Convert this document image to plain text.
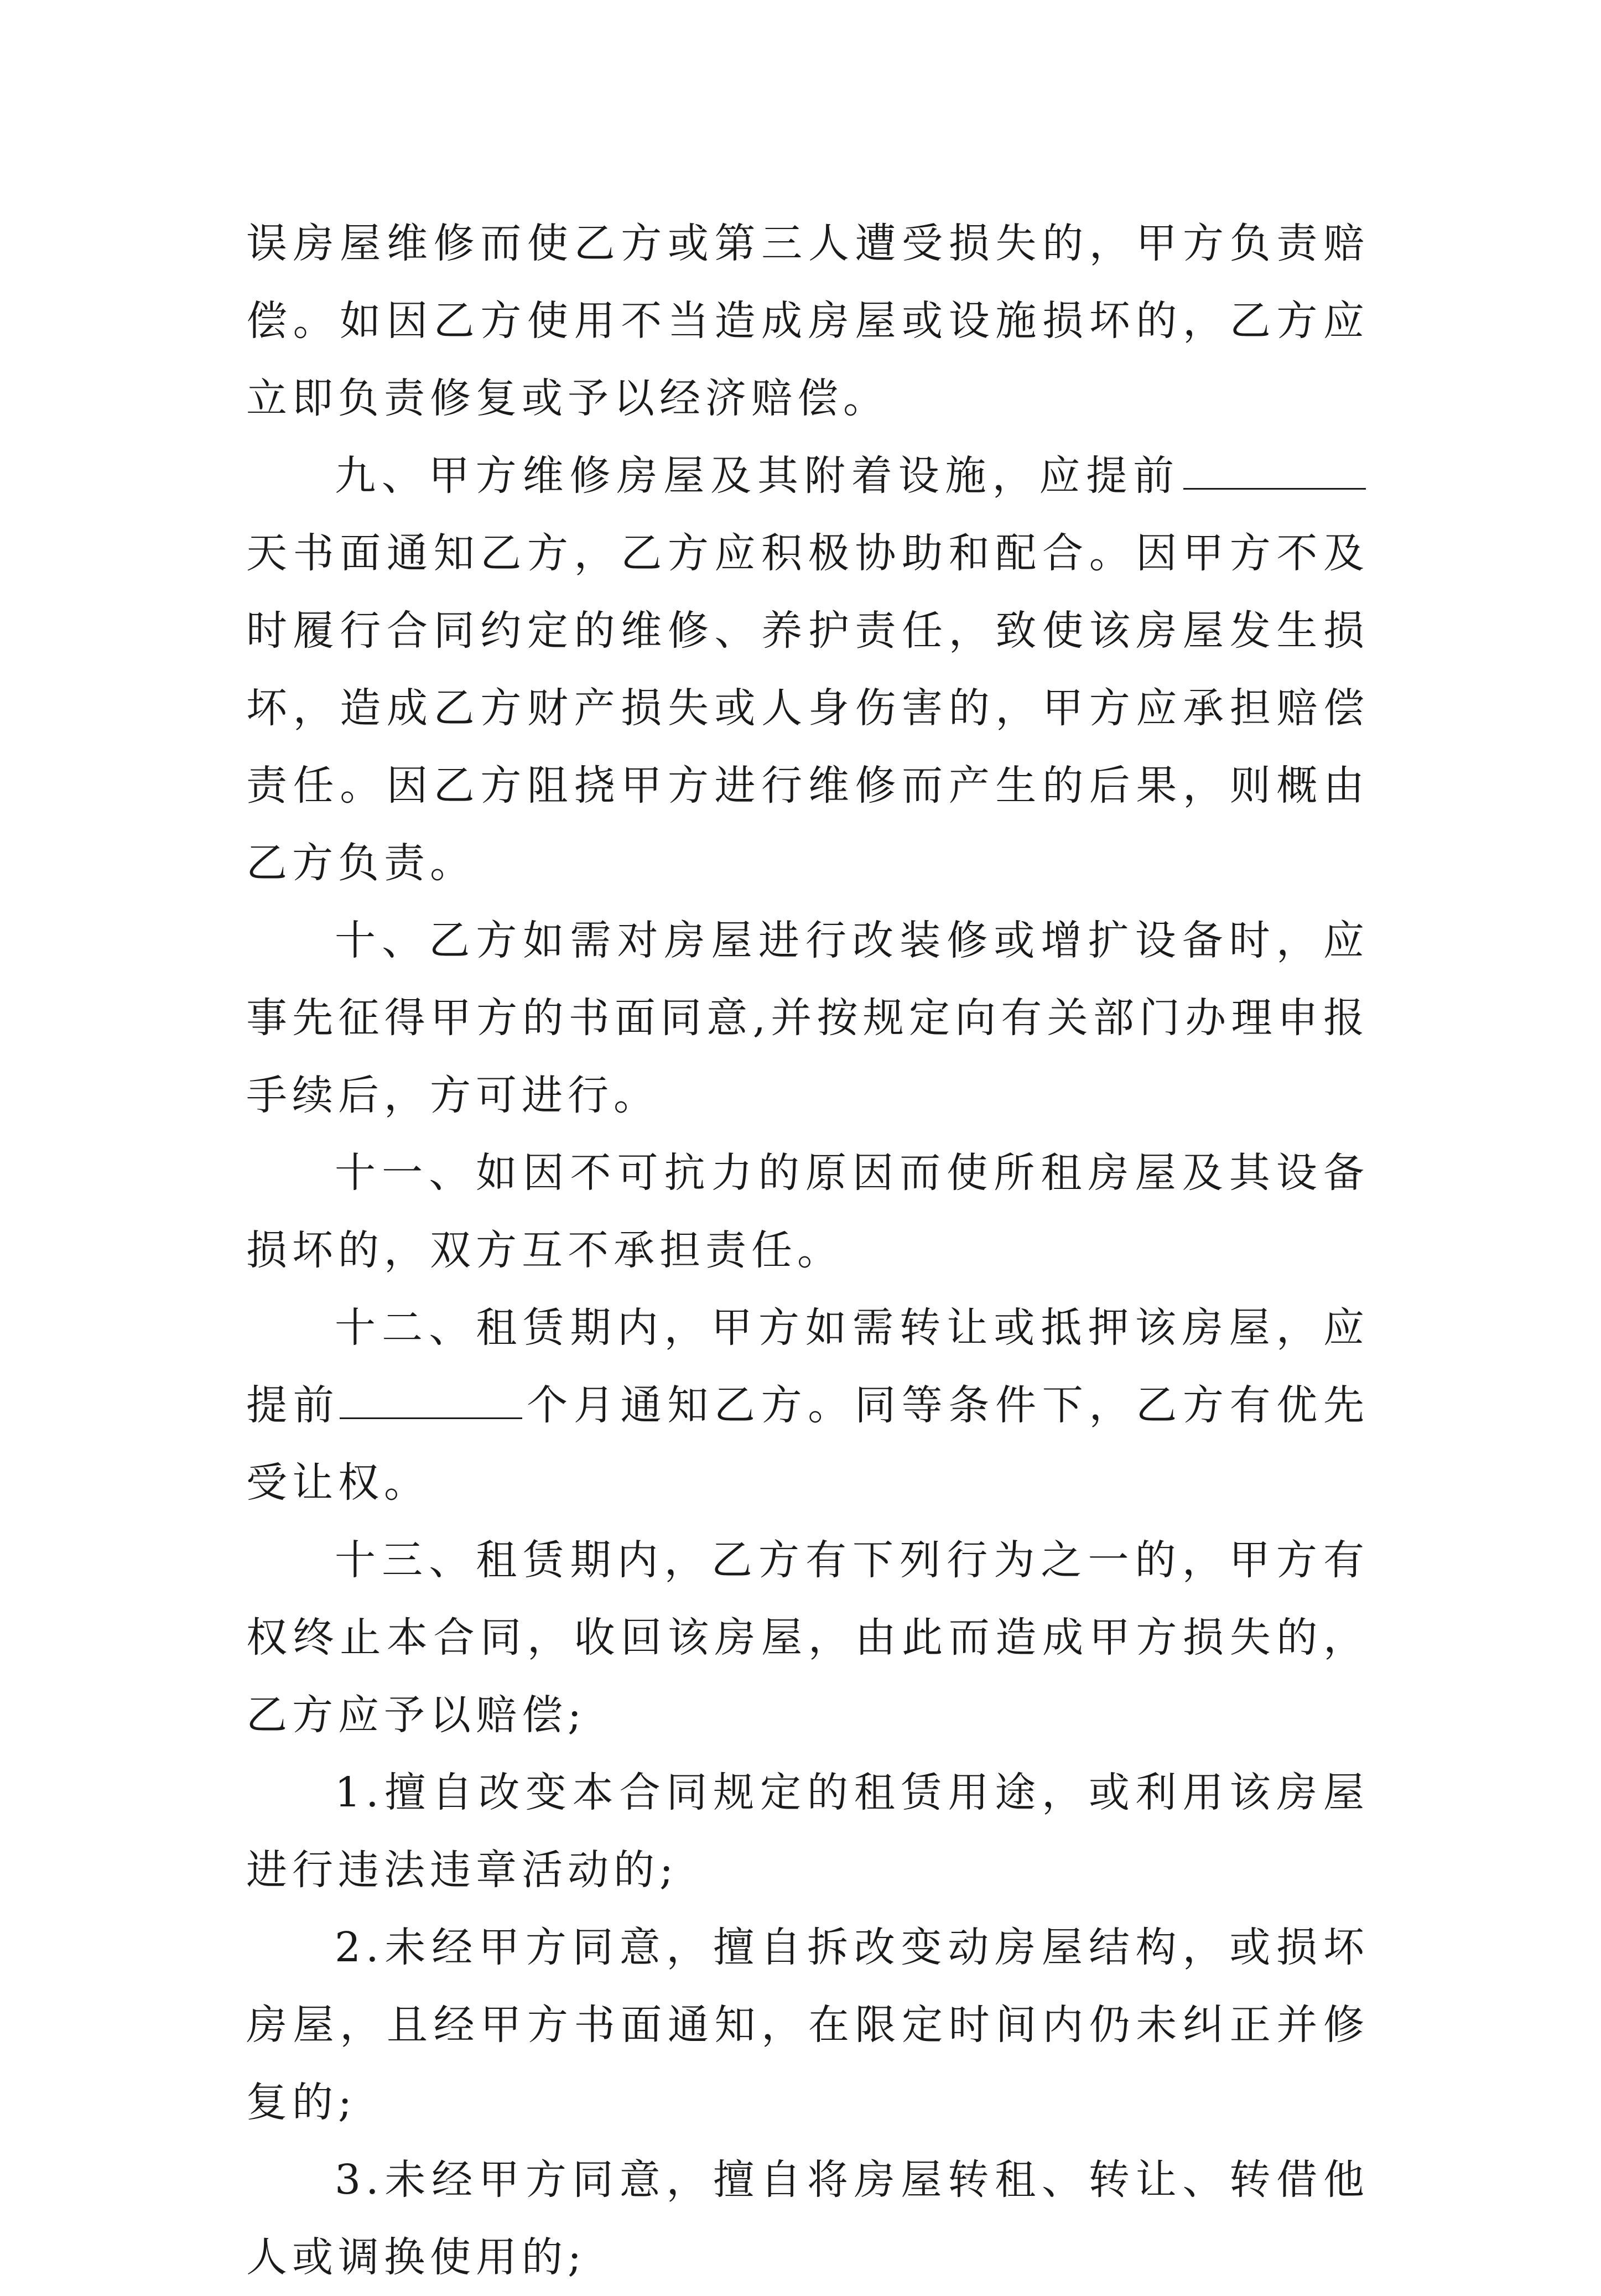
误房屋维修而使乙方或第三人遭受损失的，甲方负责赔偿。如因乙方使用不当造成房屋或设施损坏的，乙方应立即负责修复或予以经济赔偿。

九、甲方维修房屋及其附着设施，应提前天书面通知乙方，乙方应积极协助和配合。因甲方不及时履行合同约定的维修、养护责任，致使该房屋发生损坏，造成乙方财产损失或人身伤害的，甲方应承担赔偿责任。因乙方阻挠甲方进行维修而产生的后果，则概由乙方负责。

十、乙方如需对房屋进行改装修或增扩设备时，应事先征得甲方的书面同意,并按规定向有关部门办理申报手续后，方可进行。

十一、如因不可抗力的原因而使所租房屋及其设备损坏的，双方互不承担责任。

十二、租赁期内，甲方如需转让或抵押该房屋，应提前	个月通知乙方。同等条件下，乙方有优先受让权。

十三、租赁期内，乙方有下列行为之一的，甲方有权终止本合同，收回该房屋，由此而造成甲方损失的，乙方应予以赔偿;

1.擅自改变本合同规定的租赁用途，或利用该房屋进行违法违章活动的;

2.未经甲方同意，擅自拆改变动房屋结构，或损坏房屋，且经甲方书面通知，在限定时间内仍未纠正并修复的;

3.未经甲方同意，擅自将房屋转租、转让、转借他人或调换使用的;
